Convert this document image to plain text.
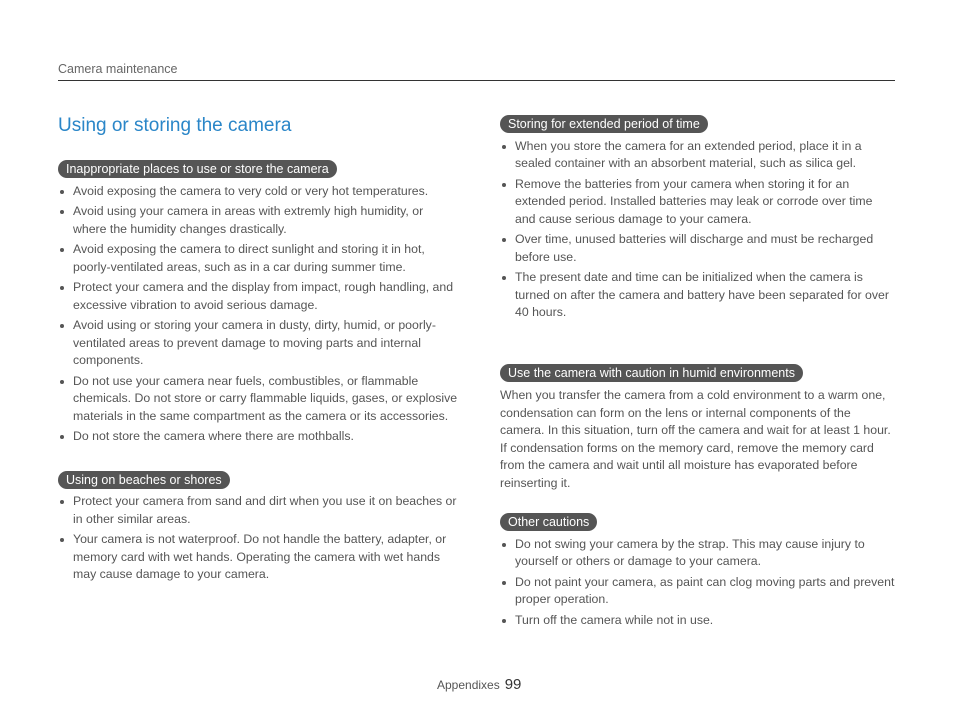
Camera maintenance
Using or storing the camera
Inappropriate places to use or store the camera
Avoid exposing the camera to very cold or very hot temperatures.
Avoid using your camera in areas with extremly high humidity, or where the humidity changes drastically.
Avoid exposing the camera to direct sunlight and storing it in hot, poorly-ventilated areas, such as in a car during summer time.
Protect your camera and the display from impact, rough handling, and excessive vibration to avoid serious damage.
Avoid using or storing your camera in dusty, dirty, humid, or poorly-ventilated areas to prevent damage to moving parts and internal components.
Do not use your camera near fuels, combustibles, or flammable chemicals. Do not store or carry flammable liquids, gases, or explosive materials in the same compartment as the camera or its accessories.
Do not store the camera where there are mothballs.
Using on beaches or shores
Protect your camera from sand and dirt when you use it on beaches or in other similar areas.
Your camera is not waterproof. Do not handle the battery, adapter, or memory card with wet hands. Operating the camera with wet hands may cause damage to your camera.
Storing for extended period of time
When you store the camera for an extended period, place it in a sealed container with an absorbent material, such as silica gel.
Remove the batteries from your camera when storing it for an extended period. Installed batteries may leak or corrode over time and cause serious damage to your camera.
Over time, unused batteries will discharge and must be recharged before use.
The present date and time can be initialized when the camera is turned on after the camera and battery have been separated for over 40 hours.
Use the camera with caution in humid environments

When you transfer the camera from a cold environment to a warm one, condensation can form on the lens or internal components of the camera. In this situation, turn off the camera and wait for at least 1 hour. If condensation forms on the memory card, remove the memory card from the camera and wait until all moisture has evaporated before reinserting it.

Other cautions
Do not swing your camera by the strap. This may cause injury to yourself or others or damage to your camera.
Do not paint your camera, as paint can clog moving parts and prevent proper operation.
Turn off the camera while not in use.
Appendixes 99
